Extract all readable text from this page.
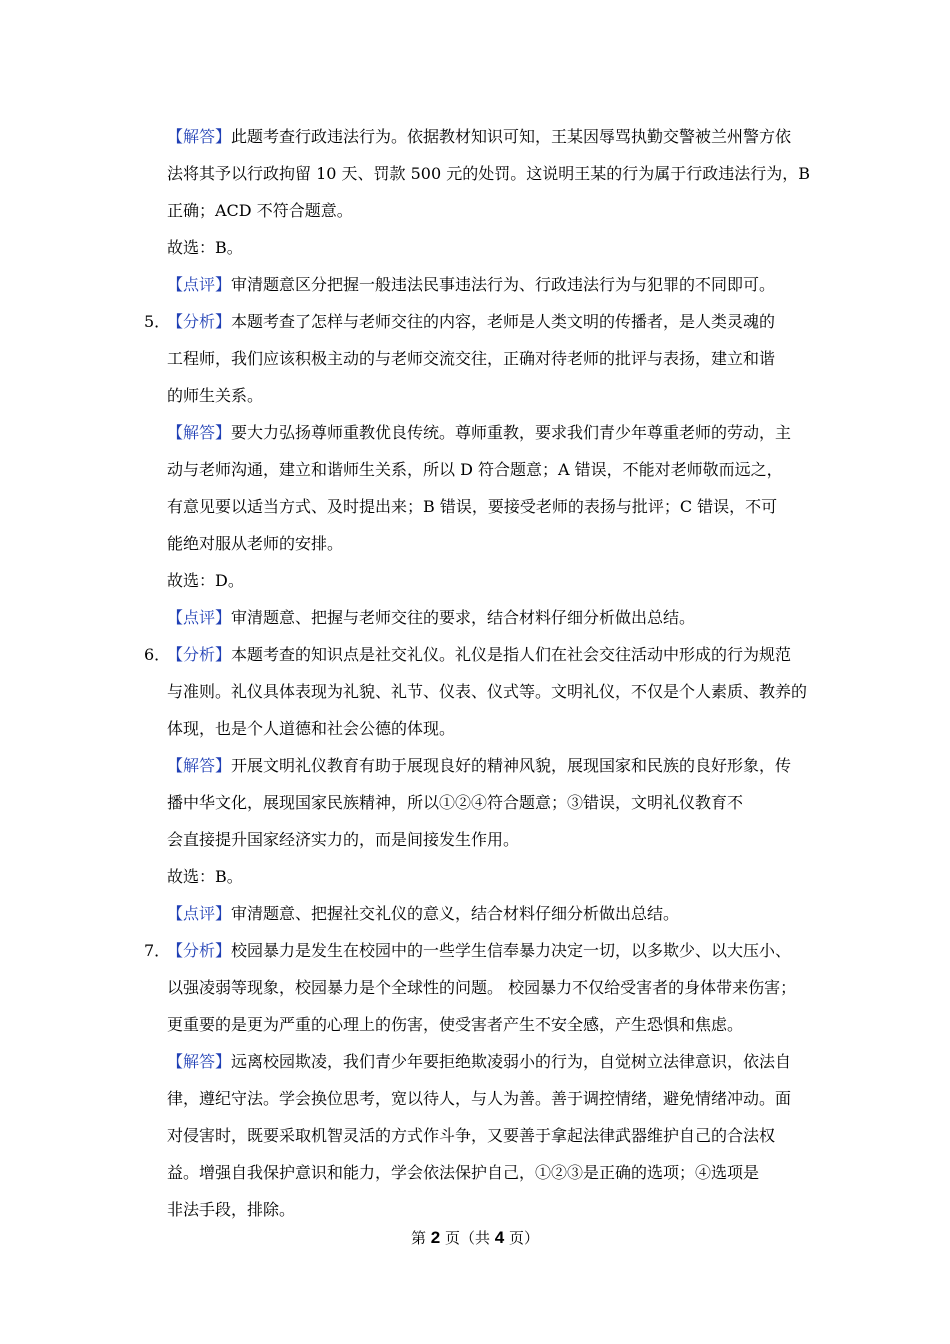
【解答】此题考查行政违法行为。依据教材知识可知，王某因辱骂执勤交警被兰州警方依
法将其予以行政拘留 10 天、罚款 500 元的处罚。这说明王某的行为属于行政违法行为，B
正确；ACD 不符合题意。
故选：B。
【点评】审清题意区分把握一般违法民事违法行为、行政违法行为与犯罪的不同即可。
5．
【分析】本题考查了怎样与老师交往的内容，老师是人类文明的传播者，是人类灵魂的
工程师，我们应该积极主动的与老师交流交往，正确对待老师的批评与表扬，建立和谐
的师生关系。
【解答】要大力弘扬尊师重教优良传统。尊师重教，要求我们青少年尊重老师的劳动，主
动与老师沟通，建立和谐师生关系，所以 D 符合题意；A 错误，不能对老师敬而远之，
有意见要以适当方式、及时提出来；B 错误，要接受老师的表扬与批评；C 错误，不可
能绝对服从老师的安排。
故选：D。
【点评】审清题意、把握与老师交往的要求，结合材料仔细分析做出总结。
6．
【分析】本题考查的知识点是社交礼仪。礼仪是指人们在社会交往活动中形成的行为规范
与准则。礼仪具体表现为礼貌、礼节、仪表、仪式等。文明礼仪，不仅是个人素质、教养的
体现，也是个人道德和社会公德的体现。
【解答】开展文明礼仪教育有助于展现良好的精神风貌，展现国家和民族的良好形象，传
播中华文化，展现国家民族精神，所以①②④符合题意；③错误，文明礼仪教育不
会直接提升国家经济实力的，而是间接发生作用。
故选：B。
【点评】审清题意、把握社交礼仪的意义，结合材料仔细分析做出总结。
7．
【分析】校园暴力是发生在校园中的一些学生信奉暴力决定一切，以多欺少、以大压小、
以强凌弱等现象，校园暴力是个全球性的问题。 校园暴力不仅给受害者的身体带来伤害；
更重要的是更为严重的心理上的伤害，使受害者产生不安全感，产生恐惧和焦虑。
【解答】远离校园欺凌，我们青少年要拒绝欺凌弱小的行为，自觉树立法律意识，依法自
律，遵纪守法。学会换位思考，宽以待人，与人为善。善于调控情绪，避免情绪冲动。面
对侵害时，既要采取机智灵活的方式作斗争，又要善于拿起法律武器维护自己的合法权
益。增强自我保护意识和能力，学会依法保护自己，①②③是正确的选项；④选项是
非法手段，排除。
第 2 页（共 4 页）
